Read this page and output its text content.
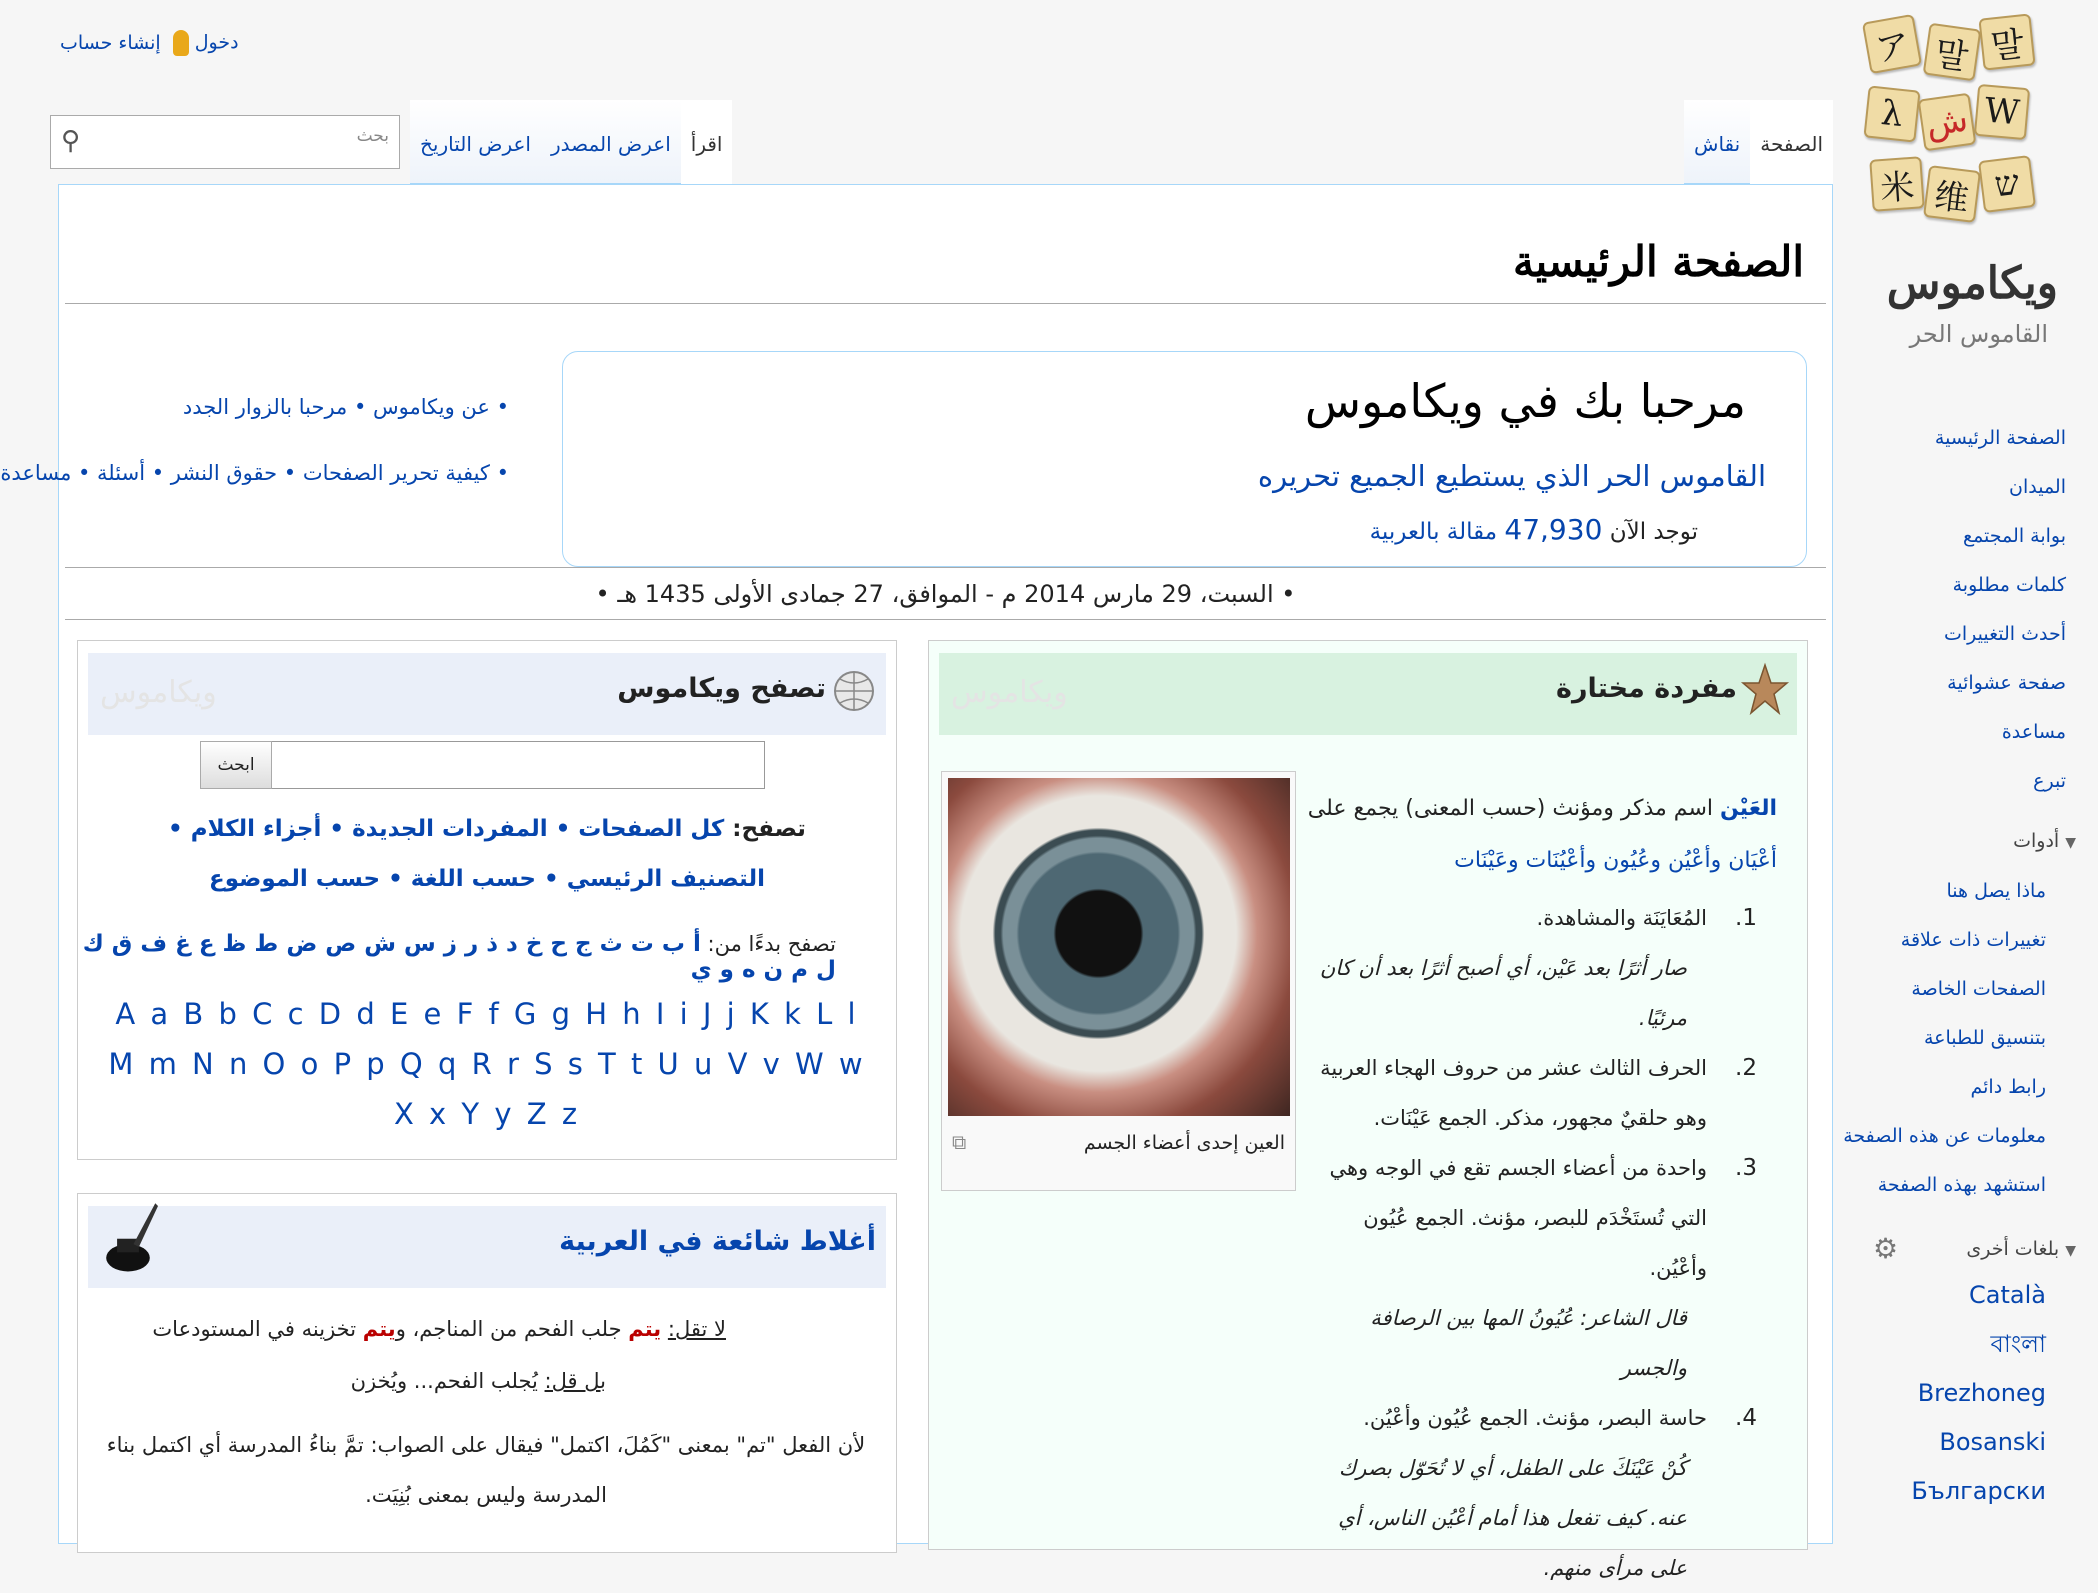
ア 말 말
λ ﺵ W
米 维 ש
ويكاموس
القاموس الحر
الصفحة الرئيسية
الميدان
بوابة المجتمع
كلمات مطلوبة
أحدث التغييرات
صفحة عشوائية
مساعدة
تبرع
▼أدوات
ماذا يصل هنا
تغييرات ذات علاقة
الصفحات الخاصة
بتنسيق للطباعة
رابط دائم
معلومات عن هذه الصفحة
استشهد بهذه الصفحة
▼بلغات أخرى
⚙
Català
বাংলা
Brezhoneg
Bosanski
Български
دخول إنشاء حساب
بحث
⚲	اقرأ
اعرض المصدر
اعرض التاريخ	الصفحة
نقاش
الصفحة الرئيسية
مرحبا بك في ويكاموس
القاموس الحر الذي يستطيع الجميع تحريره
توجد الآن 47,930 مقالة بالعربية
• عن ويكاموس • مرحبا بالزوار الجدد
• كيفية تحرير الصفحات • حقوق النشر • أسئلة • مساعدة
• السبت، 29 مارس 2014 م - الموافق، 27 جمادى الأولى 1435 هـ •
مفردة مختارة
ويكاموس
العَيْن اسم مذكر ومؤنث (حسب المعنى) يجمع على أعْيَان وأعْيُن وعُيُون وأعْيُنَات وعَيْنَات
1.
المُعَايَنَة والمشاهدة.
صار أثرًا بعد عَيْن، أي أصبح أثرًا بعد أن كان مرئيًا.
2.
الحرف الثالث عشر من حروف الهجاء العربية وهو حلقيٌ مجهور، مذكر. الجمع عَيْنَات.
3.
واحدة من أعضاء الجسم تقع في الوجه وهي التي تُستَخْدَم للبصر، مؤنث. الجمع عُيُون وأعْيُن.
قال الشاعر: عُيُونُ المها بين الرصافة والجسر
4.
حاسة البصر، مؤنث. الجمع عُيُون وأعْيُن.
كُنْ عَيْنَكَ على الطفل، أي لا تُحَوّل بصرك عنه. كيف تفعل هذا أمام أعْيُن الناس، أي على مرأى منهم.
العين إحدى أعضاء الجسم
⧉
تصفح ويكاموس
ويكاموس
ابحث
تصفح: كل الصفحات • المفردات الجديدة • أجزاء الكلام • التصنيف الرئيسي • حسب اللغة • حسب الموضوع
تصفح بدءًا من: أ ب ت ث ج ح خ د ذ ر ز س ش ص ض ط ظ ع غ ف ق ك ل م ن ه و ي
A a B b C c D d E e F f G g H h I i J j K k L l M m N n O o P p Q q R r S s T t U u V v W w X x Y y Z z
أغلاط شائعة في العربية
لا تقل: يتم جلب الفحم من المناجم، ويتم تخزينه في المستودعات
بل قل: يُجلب الفحم... ويُخزن
لأن الفعل "تم" بمعنى "كَمُلَ، اكتمل" فيقال على الصواب: تمَّ بناءُ المدرسة أي اكتمل بناء المدرسة وليس بمعنى بُنِيَت.
